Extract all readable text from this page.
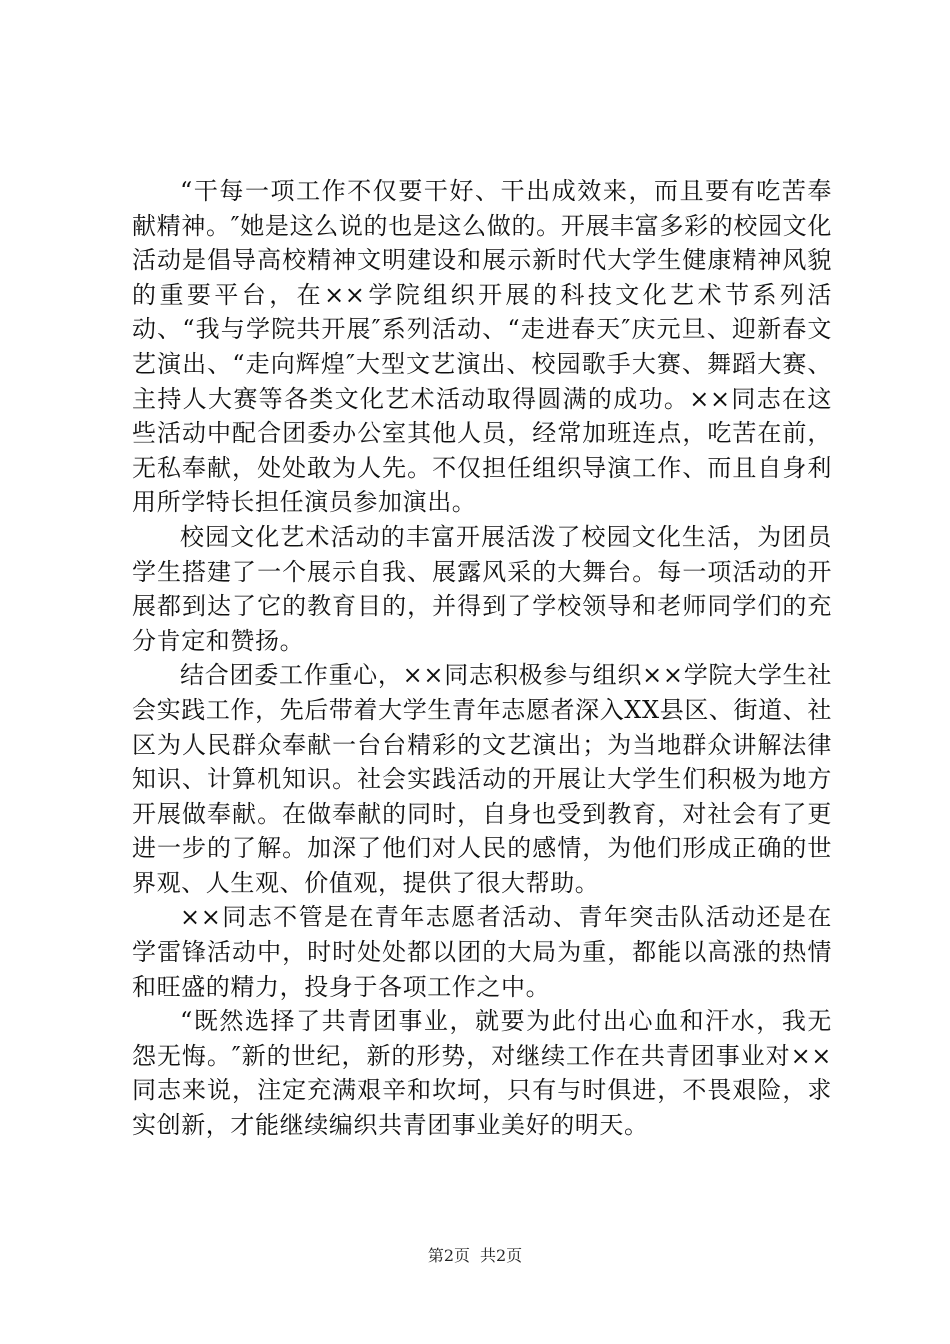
“干每一项工作不仅要干好、干出成效来，而且要有吃苦奉献精神。″她是这么说的也是这么做的。开展丰富多彩的校园文化活动是倡导高校精神文明建设和展示新时代大学生健康精神风貌的重要平台，在××学院组织开展的科技文化艺术节系列活动、“我与学院共开展″系列活动、“走进春天″庆元旦、迎新春文艺演出、“走向辉煌″大型文艺演出、校园歌手大赛、舞蹈大赛、主持人大赛等各类文化艺术活动取得圆满的成功。××同志在这些活动中配合团委办公室其他人员，经常加班连点，吃苦在前，无私奉献，处处敢为人先。不仅担任组织导演工作、而且自身利用所学特长担任演员参加演出。

校园文化艺术活动的丰富开展活泼了校园文化生活，为团员学生搭建了一个展示自我、展露风采的大舞台。每一项活动的开展都到达了它的教育目的，并得到了学校领导和老师同学们的充分肯定和赞扬。

结合团委工作重心，××同志积极参与组织××学院大学生社会实践工作，先后带着大学生青年志愿者深入XX县区、街道、社区为人民群众奉献一台台精彩的文艺演出；为当地群众讲解法律知识、计算机知识。社会实践活动的开展让大学生们积极为地方开展做奉献。在做奉献的同时，自身也受到教育，对社会有了更进一步的了解。加深了他们对人民的感情，为他们形成正确的世界观、人生观、价值观，提供了很大帮助。

××同志不管是在青年志愿者活动、青年突击队活动还是在学雷锋活动中，时时处处都以团的大局为重，都能以高涨的热情和旺盛的精力，投身于各项工作之中。

“既然选择了共青团事业，就要为此付出心血和汗水，我无怨无悔。″新的世纪，新的形势，对继续工作在共青团事业对××同志来说，注定充满艰辛和坎坷，只有与时俱进，不畏艰险，求实创新，才能继续编织共青团事业美好的明天。

第2页 共2页
